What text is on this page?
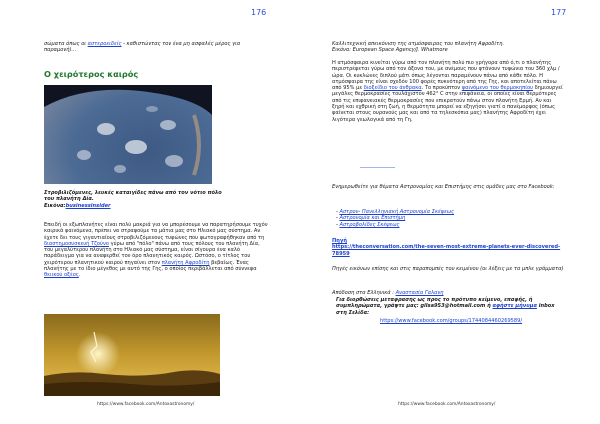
176
σώματα όπως οι αστεροειδείς - καθιστώντας τον ένα μη ασφαλές μέρος για παραμονή)...
Ο χειρότερος καιρός
Στροβιλιζόμενες, λευκές καταιγίδες πάνω από τον νότιο πόλο
του πλανήτη Δία.
Εικόνα:businessinsider
Επειδή οι εξωπλανήτες είναι πολύ μακριά για να μπορέσουμε να παρατηρήσουμε τυχόν καιρικά φαινόμενα, πρέπει να στραφούμε τα μάτια μας στο Ηλιακό μας σύστημα. Αν έχετε δει τους γιγαντιαίους στροβιλιζόμενους τυφώνες που φωτογραφήθηκαν από τη διαστημοσυσκευή Τζούνο γύρω από "πόλο" πάνω από τους πόλους του πλανήτη Δία, του μεγαλύτερου πλανήτη στο Ηλιακό μας σύστημα, είναι σίγουρα ένα καλό παράδειγμα για να αναφερθεί τον όρο πλανητικός καιρός. Ωστόσο, ο τίτλος του χειρότερου πλανητικού καιρού πηγαίνει στον πλανήτη Αφροδίτη βεβαίως. Ένας πλανήτης με το ίδιο μέγεθος με αυτό της Γης, ο οποίος περιβάλλεται από σύννεφα θειικού οξέος.
https://www.facebook.com/Antoxastronomy/
177
Καλλιτεχνική απεικόνιση της ατμόσφαιρας του πλανήτη Αφροδίτη.
Εικόνα: European Space Agency/J. Whatmore
Η ατμόσφαιρα κινείται γύρω από τον πλανήτη πολύ πιο γρήγορα από ό,τι ο πλανήτης περιστρέφεται γύρω από τον άξονα του, με ανέμους που φτάνουν τυφώνια του 360 χλμ / ώρα. Οι κυκλώνες διπλού μάτι όπως λέγονται παραμένουν πάνω από κάθε πόλο. Η ατμόσφαιρα της είναι σχεδόν 100 φορές πυκνότερη από της Γης, και αποτελείται πάνω από 95% με διοξείδιο του άνθρακα. Το προκύπτον φαινόμενο του θερμοκηπίου δημιουργεί μεγάλες θερμοκρασίες τουλάχιστον 462° C στην επιφάνεια, οι οποίες είναι θερμότερες από τις επιφανειακές θερμοκρασίες που επικρατούν πάνω στον πλανήτη Ερμή. Αν και ξηρή και εχθρική στη ζωή, η θερμότητα μπορεί να εξηγήσει γιατί ο πανέμορφος (όπως φαίνεται στους ουρανούς μας και από τα τηλεσκόπια μας) πλανήτης Αφροδίτη έχει λιγότερα γεωλογικά από τη Γη.
___________
Ενημερωθείτε για θέματα Αστρονομίας και Επιστήμης στις ομάδες μας στο Facebook:
- Αστρον- Πανελληνιακή Αστρονομία Σκέψεως
- Αστρονομία και Επιστήμη
- Αστροβολίδες Σκέψεως
Πηγή
https://theconversation.com/the-seven-most-extreme-planets-ever-discovered-78959
Πηγές εικόνων επίσης και στις παραπομπές του κειμένου (οι λέξεις με τα μπλε γράμματα)
Απόδοση στα Ελληνικά : Αναστασία Γαλανη
Για διορθώσεις μεταφρασης ως προς το πρότυπο κείμενο, επαφής, ή συμπληρώματα, γράψτε μας: gilsa953@hotmail.com ή αφήστε μήνυμα inbox στη Σελίδα:
https://www.facebook.com/groups/1744084460269589/
https://www.facebook.com/Antoxastronomy/
